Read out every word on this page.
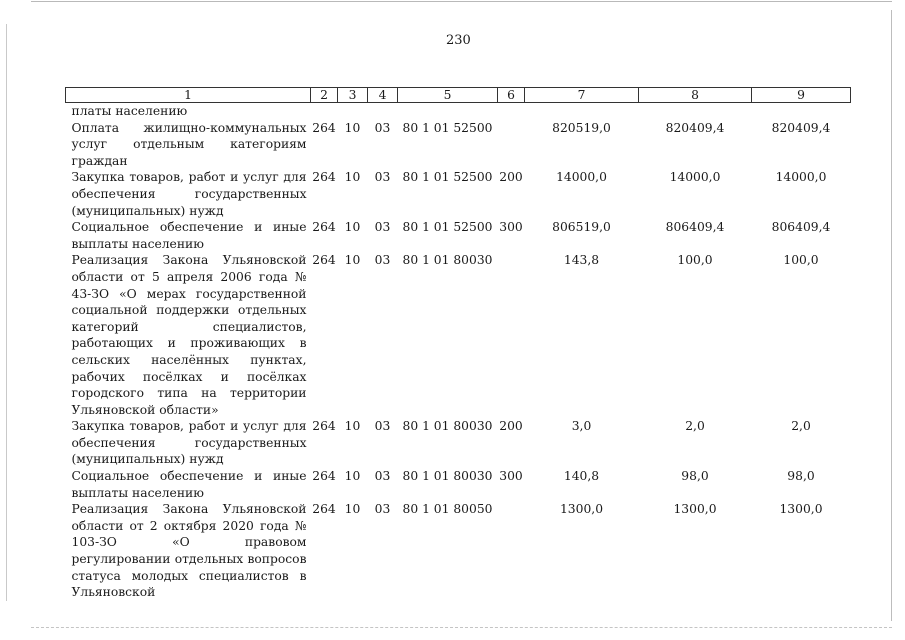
230
1	2	3	4	5	6	7	8	9
платы населению								
Оплата жилищно-коммунальных услуг отдельным категориям граждан	264	10	03	80 1 01 52500		820519,0	820409,4	820409,4
Закупка товаров, работ и услуг для обеспечения государственных (муниципальных) нужд	264	10	03	80 1 01 52500	200	14000,0	14000,0	14000,0
Социальное обеспечение и иные выплаты населению	264	10	03	80 1 01 52500	300	806519,0	806409,4	806409,4
Реализация Закона Ульяновской области от 5 апреля 2006 года № 43-ЗО «О мерах государственной социальной поддержки отдельных категорий специалистов, работающих и проживающих в сельских населённых пунктах, рабочих посёлках и посёлках городского типа на территории Ульяновской области»	264	10	03	80 1 01 80030		143,8	100,0	100,0
Закупка товаров, работ и услуг для обеспечения государственных (муниципальных) нужд	264	10	03	80 1 01 80030	200	3,0	2,0	2,0
Социальное обеспечение и иные выплаты населению	264	10	03	80 1 01 80030	300	140,8	98,0	98,0
Реализация Закона Ульяновской области от 2 октября 2020 года № 103-ЗО «О правовом регулировании отдельных вопросов статуса молодых специалистов в Ульяновской	264	10	03	80 1 01 80050		1300,0	1300,0	1300,0
